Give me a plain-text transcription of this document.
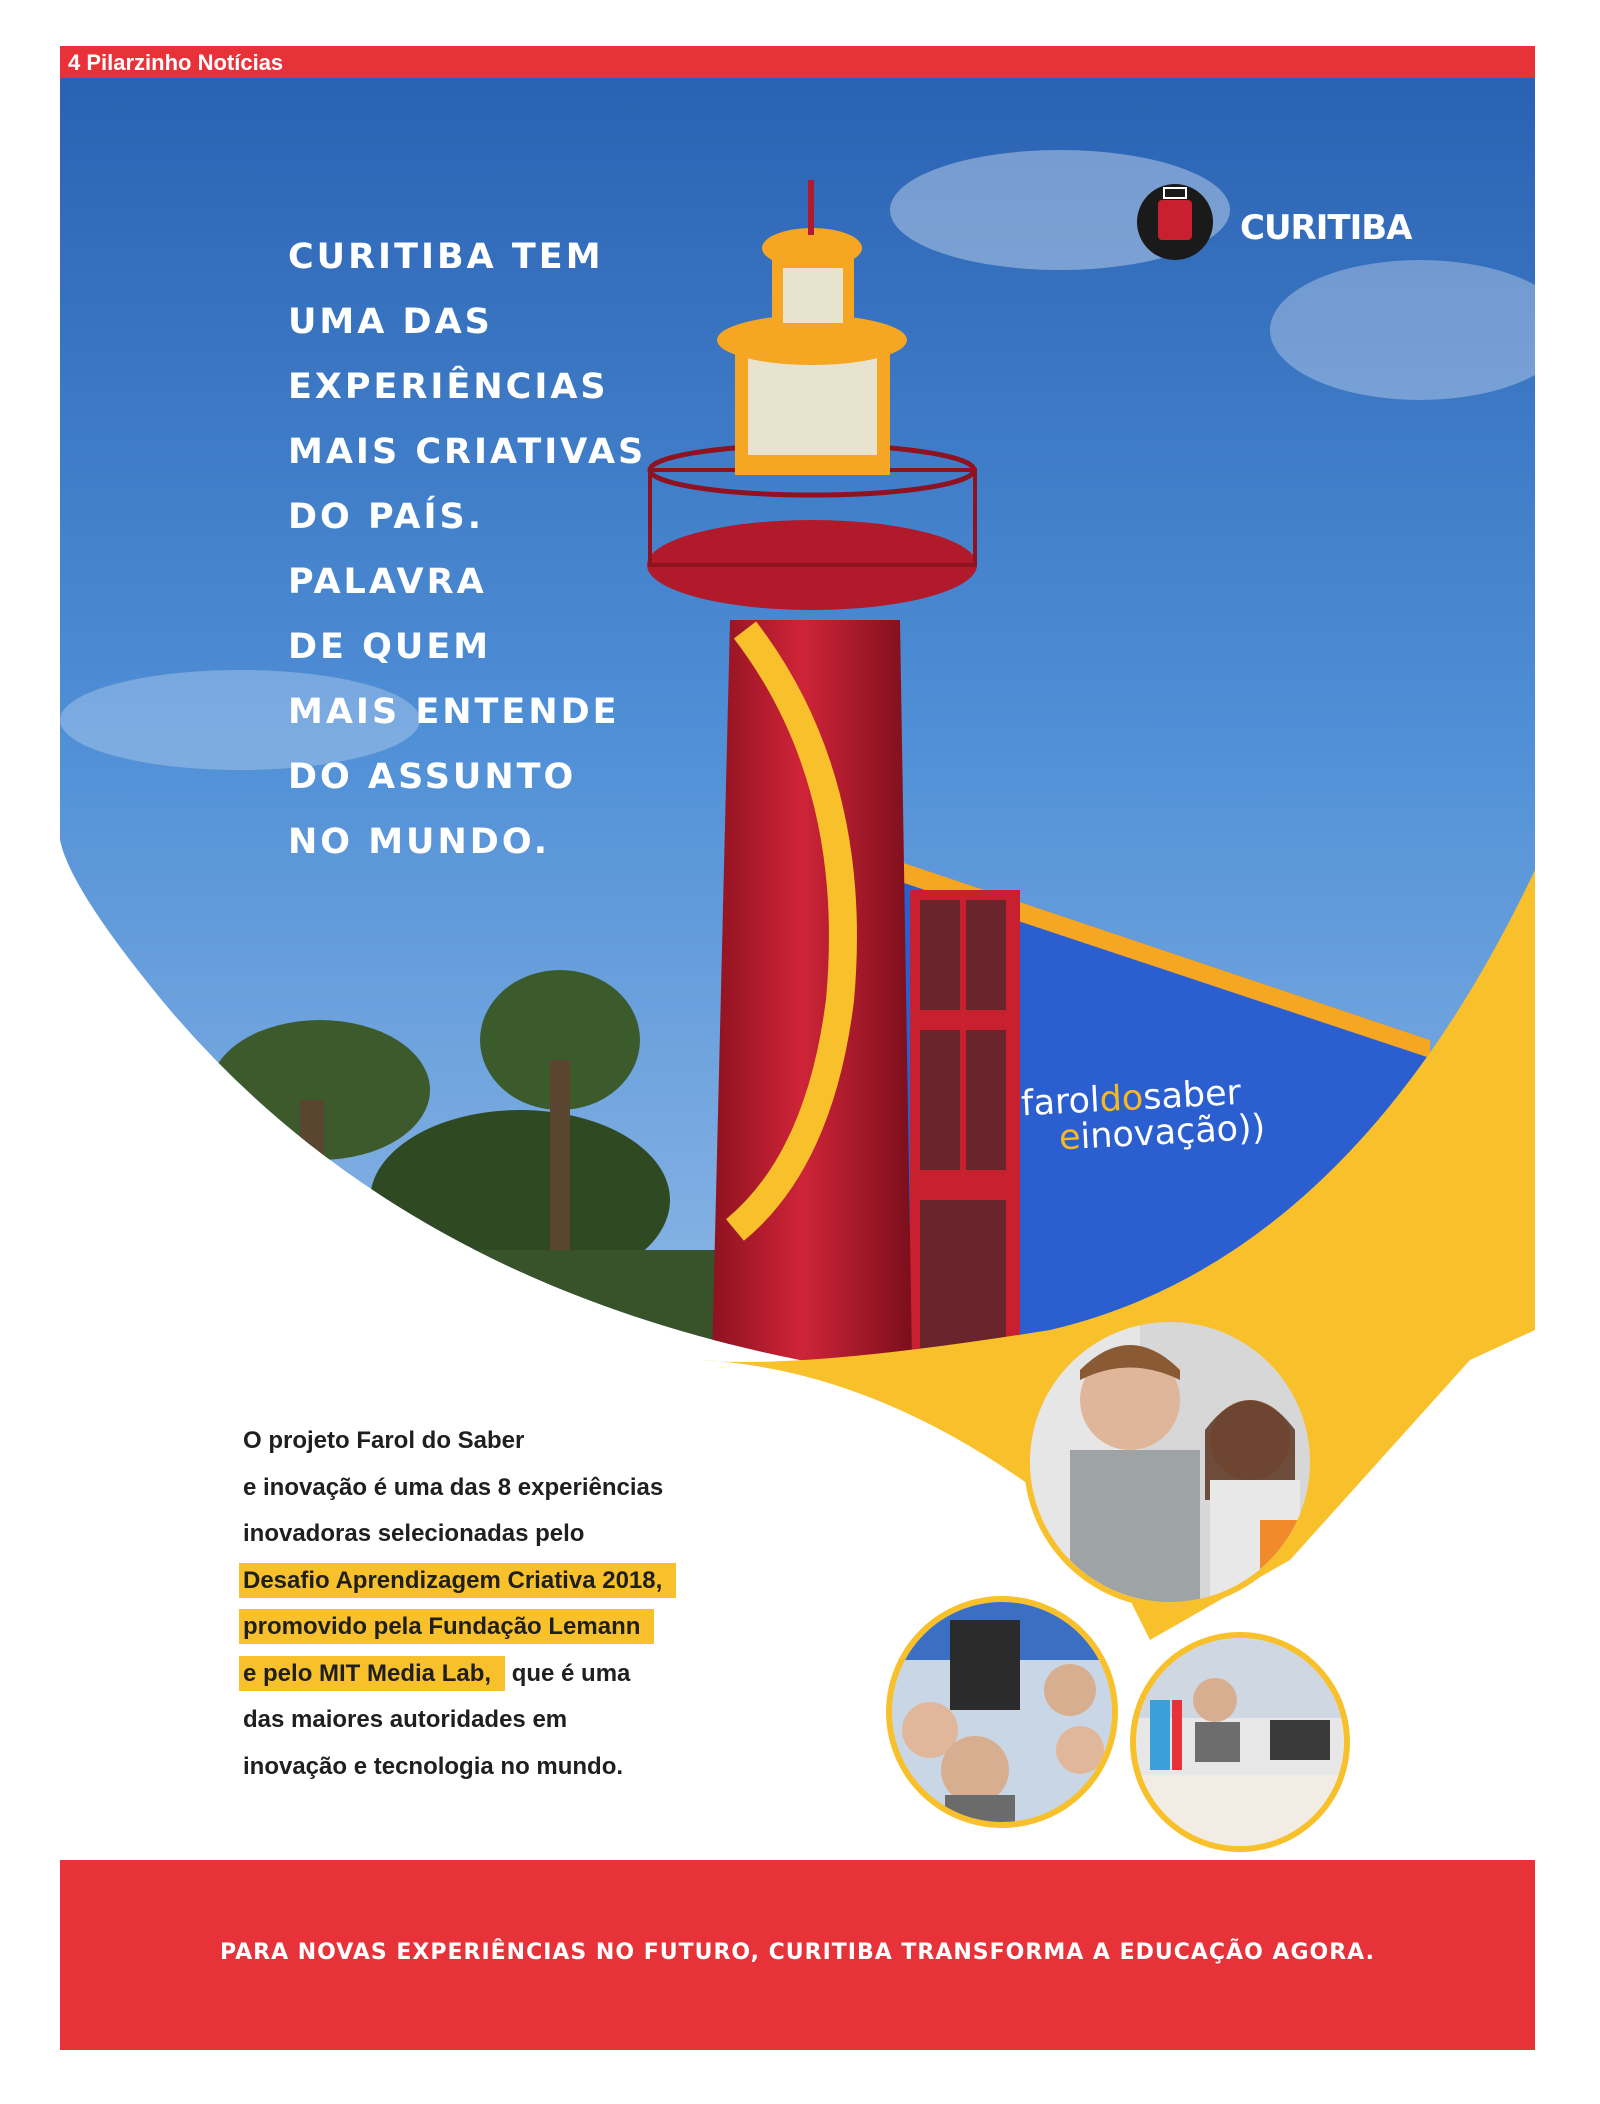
4 Pilarzinho Notícias
CURITIBA TEM
UMA DAS
EXPERIÊNCIAS
MAIS CRIATIVAS
DO PAÍS.
PALAVRA
DE QUEM
MAIS ENTENDE
DO ASSUNTO
NO MUNDO.
CURITIBA
faroldosaber
einovação))
O projeto Farol do Saber
e inovação é uma das 8 experiências
inovadoras selecionadas pelo
Desafio Aprendizagem Criativa 2018,
promovido pela Fundação Lemann
e pelo MIT Media Lab, que é uma
das maiores autoridades em
inovação e tecnologia no mundo.
PARA NOVAS EXPERIÊNCIAS NO FUTURO, CURITIBA TRANSFORMA A EDUCAÇÃO AGORA.
